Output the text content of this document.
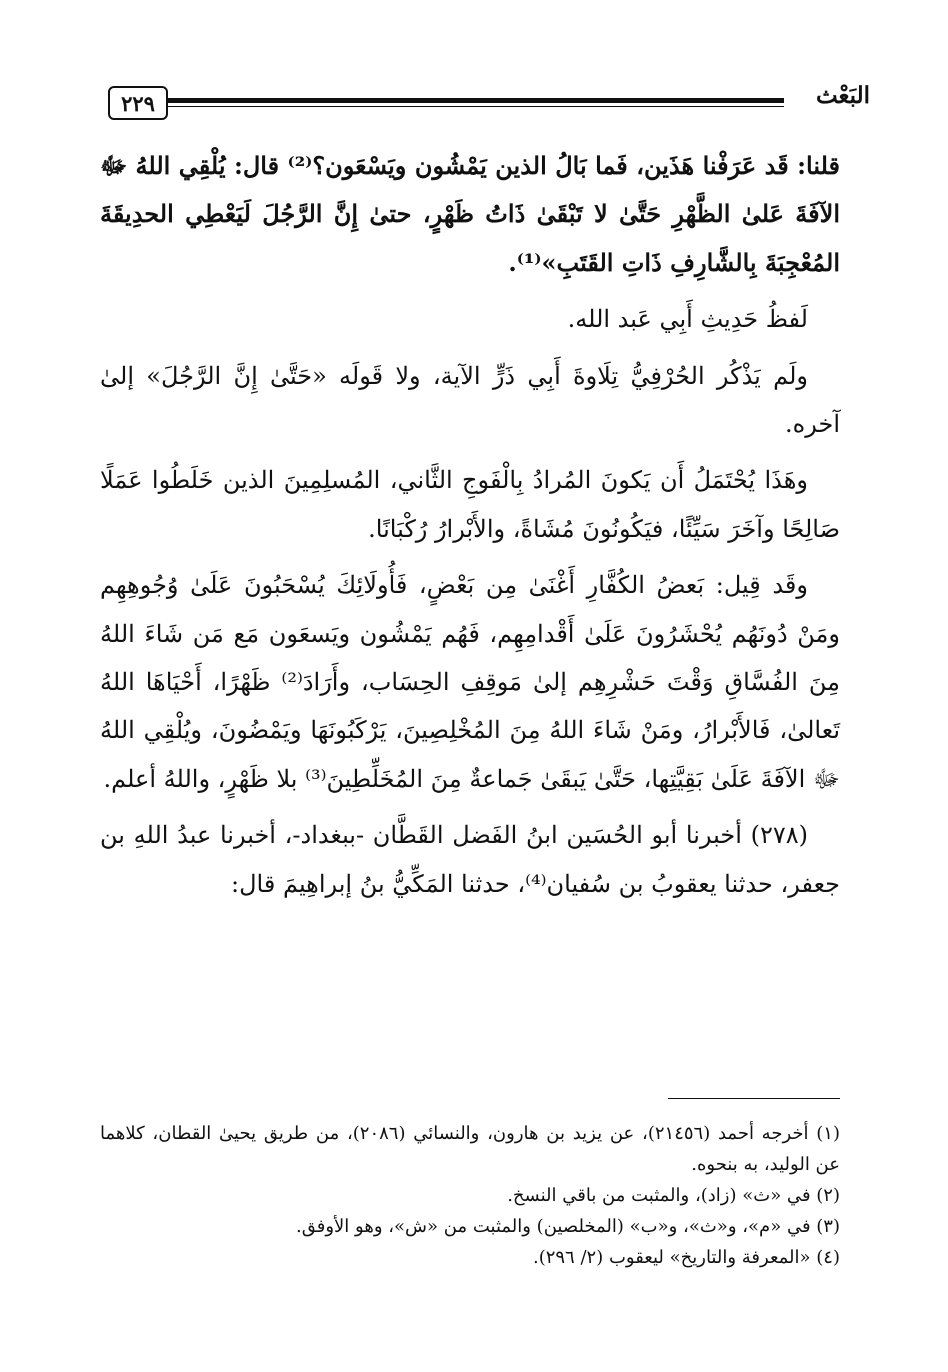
٢٢٩	البَعْث

قلنا: قَد عَرَفْنا هَذَين، فَما بَالُ الذين يَمْشُون ويَسْعَون؟⁽²⁾ قال: يُلْقِي اللهُ ﷻ الآفَةَ عَلىٰ الظَّهْرِ حَتَّىٰ لا تَبْقَىٰ ذَاتُ ظَهْرٍ، حتىٰ إِنَّ الرَّجُلَ لَيَعْطِي الحدِيقَةَ المُعْجِبَةَ بِالشَّارِفِ ذَاتِ القَتَبِ»⁽¹⁾.

لَفظُ حَدِيثِ أَبِي عَبد الله.

ولَم يَذْكُر الحُرْفِيُّ تِلَاوةَ أَبِي ذَرٍّ الآية، ولا قَولَه «حَتَّىٰ إِنَّ الرَّجُلَ» إلىٰ آخره.

وهَذَا يُحْتَمَلُ أَن يَكونَ المُرادُ بِالْفَوجِ الثَّاني، المُسلِمِينَ الذين خَلَطُوا عَمَلًا صَالِحًا وآخَرَ سَيِّئًا، فيَكُونُونَ مُشَاةً، والأَبْرارُ رُكْبَانًا.

وقَد قِيل: بَعضُ الكُفَّارِ أَغْنَىٰ مِن بَعْضٍ، فَأُولَائِكَ يُسْحَبُونَ عَلَىٰ وُجُوهِهِم ومَنْ دُونَهُم يُحْشَرُونَ عَلَىٰ أَقْدامِهِم، فَهُم يَمْشُون ويَسعَون مَع مَن شَاءَ اللهُ مِنَ الفُسَّاقِ وَقْتَ حَشْرِهِم إلىٰ مَوقِفِ الحِسَاب، وأَرَادَ⁽²⁾ ظَهْرًا، أَحْيَاهَا اللهُ تَعالىٰ، فَالأَبْرارُ، ومَنْ شَاءَ اللهُ مِنَ المُخْلِصِينَ، يَرْكَبُونَهَا ويَمْضُونَ، ويُلْقِي اللهُ ﷻ الآفَةَ عَلَىٰ بَقِيَّتِها، حَتَّىٰ يَبقَىٰ جَماعةٌ مِنَ المُخَلِّطِينَ⁽³⁾ بلا ظَهْرٍ، واللهُ أعلم.

(٢٧٨) أخبرنا أبو الحُسَين ابنُ الفَضل القَطَّان -ببغداد-، أخبرنا عبدُ اللهِ بن جعفر، حدثنا يعقوبُ بن سُفيان⁽⁴⁾، حدثنا المَكِّيُّ بنُ إبراهِيمَ قال:

(١) أخرجه أحمد (٢١٤٥٦)، عن يزيد بن هارون، والنسائي (٢٠٨٦)، من طريق يحيىٰ القطان، كلاهما عن الوليد، به بنحوه.

(٢) في «ث» (زاد)، والمثبت من باقي النسخ.

(٣) في «م»، و«ث»، و«ب» (المخلصين) والمثبت من «ش»، وهو الأوفق.

(٤) «المعرفة والتاريخ» ليعقوب (٢/ ٢٩٦).
